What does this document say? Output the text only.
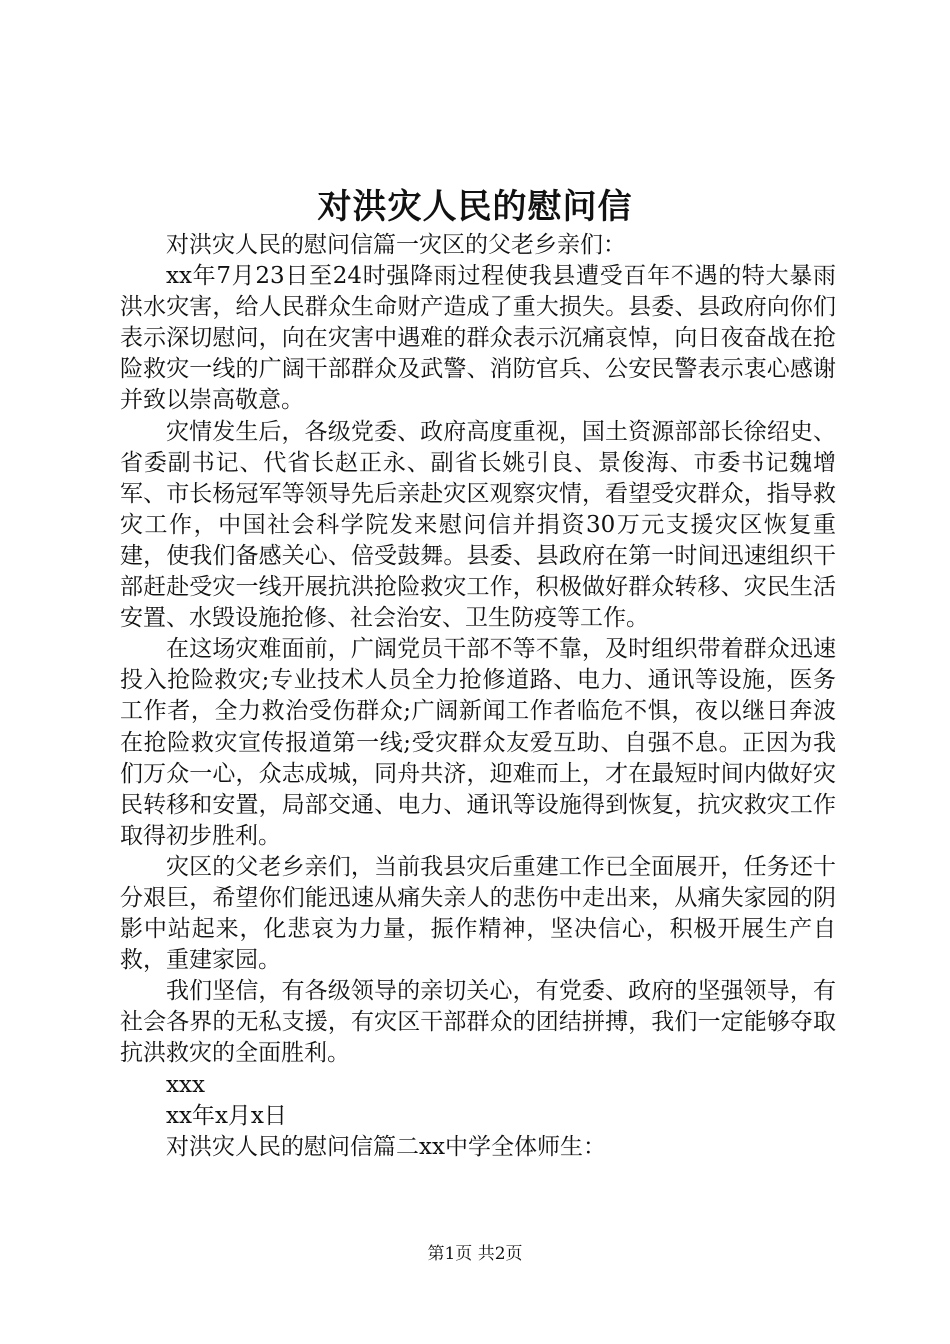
对洪灾人民的慰问信

对洪灾人民的慰问信篇一灾区的父老乡亲们：

xx年7月23日至24时强降雨过程使我县遭受百年不遇的特大暴雨洪水灾害，给人民群众生命财产造成了重大损失。县委、县政府向你们表示深切慰问，向在灾害中遇难的群众表示沉痛哀悼，向日夜奋战在抢险救灾一线的广阔干部群众及武警、消防官兵、公安民警表示衷心感谢并致以崇高敬意。

灾情发生后，各级党委、政府高度重视，国土资源部部长徐绍史、省委副书记、代省长赵正永、副省长姚引良、景俊海、市委书记魏增军、市长杨冠军等领导先后亲赴灾区观察灾情，看望受灾群众，指导救灾工作，中国社会科学院发来慰问信并捐资30万元支援灾区恢复重建，使我们备感关心、倍受鼓舞。县委、县政府在第一时间迅速组织干部赶赴受灾一线开展抗洪抢险救灾工作，积极做好群众转移、灾民生活安置、水毁设施抢修、社会治安、卫生防疫等工作。

在这场灾难面前，广阔党员干部不等不靠，及时组织带着群众迅速投入抢险救灾;专业技术人员全力抢修道路、电力、通讯等设施，医务工作者，全力救治受伤群众;广阔新闻工作者临危不惧，夜以继日奔波在抢险救灾宣传报道第一线;受灾群众友爱互助、自强不息。正因为我们万众一心，众志成城，同舟共济，迎难而上，才在最短时间内做好灾民转移和安置，局部交通、电力、通讯等设施得到恢复，抗灾救灾工作取得初步胜利。

灾区的父老乡亲们，当前我县灾后重建工作已全面展开，任务还十分艰巨，希望你们能迅速从痛失亲人的悲伤中走出来，从痛失家园的阴影中站起来，化悲哀为力量，振作精神，坚决信心，积极开展生产自救，重建家园。

我们坚信，有各级领导的亲切关心，有党委、政府的坚强领导，有社会各界的无私支援，有灾区干部群众的团结拼搏，我们一定能够夺取抗洪救灾的全面胜利。

xxx

xx年x月x日

对洪灾人民的慰问信篇二xx中学全体师生：

第1页 共2页
